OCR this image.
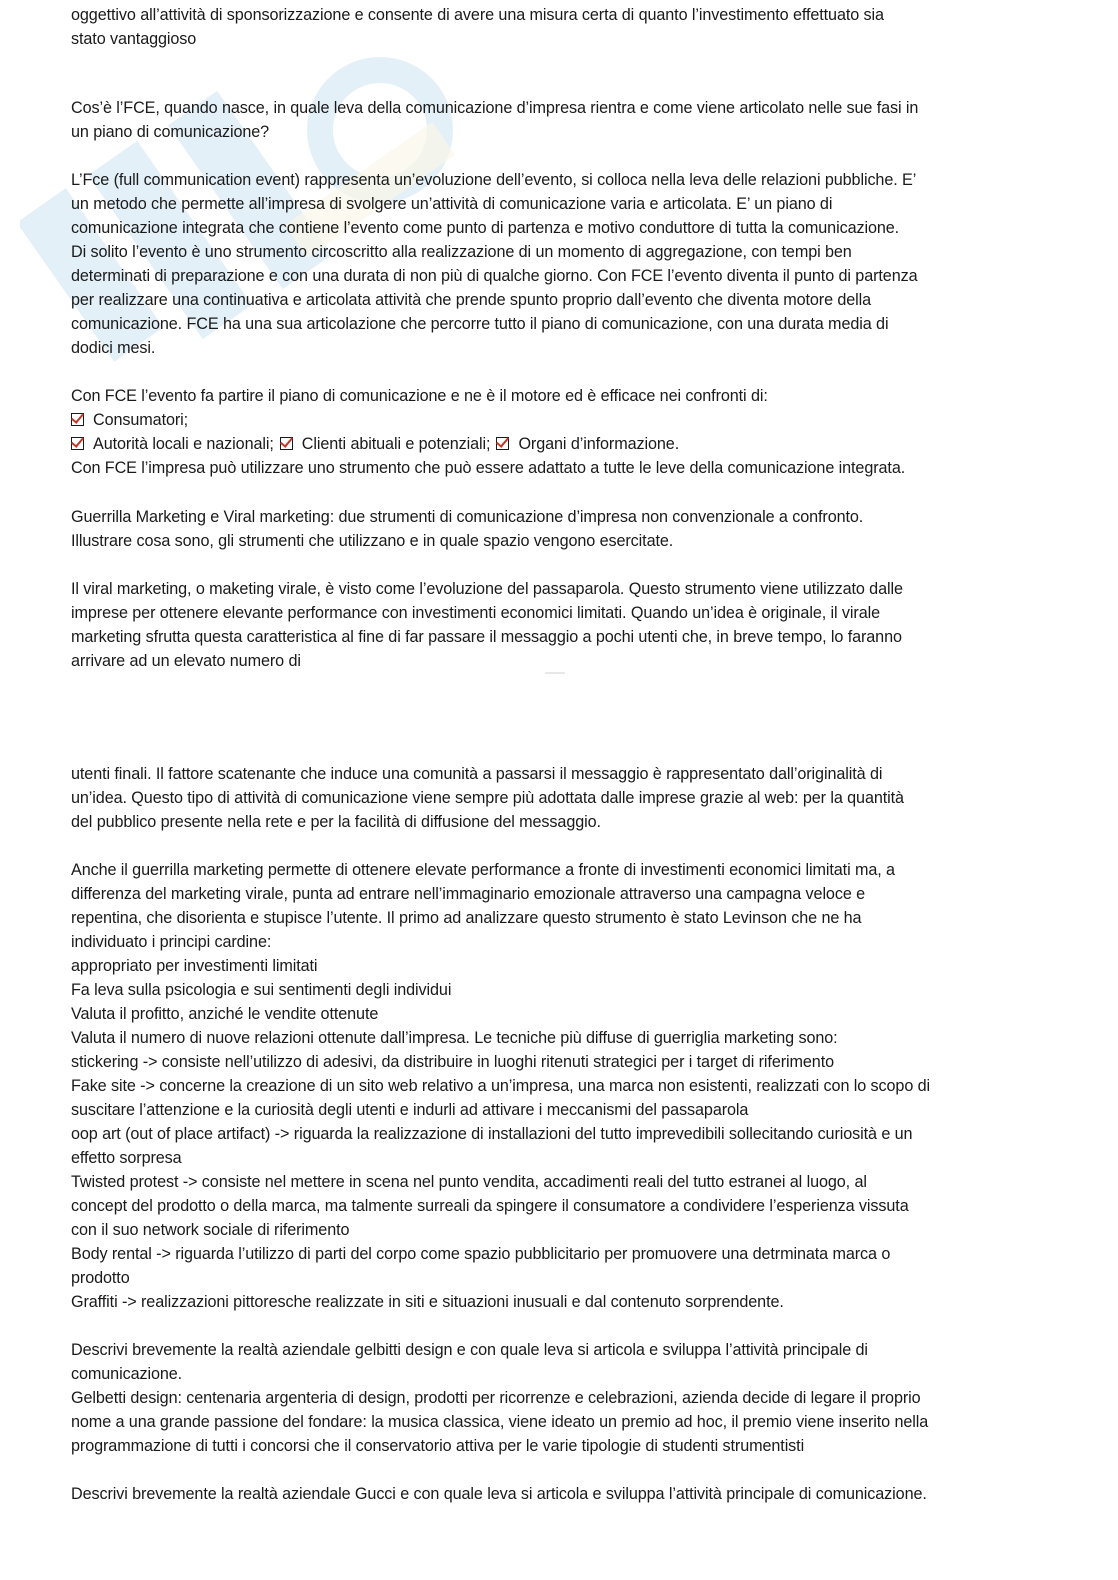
oggettivo all’attività di sponsorizzazione e consente di avere una misura certa di quanto l’investimento effettuato sia
stato vantaggioso
Cos’è l’FCE, quando nasce, in quale leva della comunicazione d’impresa rientra e come viene articolato nelle sue fasi in
un piano di comunicazione?
L’Fce (full communication event) rappresenta un’evoluzione dell’evento, si colloca nella leva delle relazioni pubbliche. E’
un metodo che permette all’impresa di svolgere un’attività di comunicazione varia e articolata. E’ un piano di
comunicazione integrata che contiene l’evento come punto di partenza e motivo conduttore di tutta la comunicazione.
Di solito l’evento è uno strumento circoscritto alla realizzazione di un momento di aggregazione, con tempi ben
determinati di preparazione e con una durata di non più di qualche giorno. Con FCE l’evento diventa il punto di partenza
per realizzare una continuativa e articolata attività che prende spunto proprio dall’evento che diventa motore della
comunicazione. FCE ha una sua articolazione che percorre tutto il piano di comunicazione, con una durata media di
dodici mesi.
Con FCE l’evento fa partire il piano di comunicazione e ne è il motore ed è efficace nei confronti di:
Consumatori;
Autorità locali e nazionali; Clienti abituali e potenziali; Organi d’informazione.
Con FCE l’impresa può utilizzare uno strumento che può essere adattato a tutte le leve della comunicazione integrata.
Guerrilla Marketing e Viral marketing: due strumenti di comunicazione d’impresa non convenzionale a confronto.
Illustrare cosa sono, gli strumenti che utilizzano e in quale spazio vengono esercitate.
Il viral marketing, o maketing virale, è visto come l’evoluzione del passaparola. Questo strumento viene utilizzato dalle
imprese per ottenere elevante performance con investimenti economici limitati. Quando un’idea è originale, il virale
marketing sfrutta questa caratteristica al fine di far passare il messaggio a pochi utenti che, in breve tempo, lo faranno
arrivare ad un elevato numero di
utenti finali. Il fattore scatenante che induce una comunità a passarsi il messaggio è rappresentato dall’originalità di
un’idea. Questo tipo di attività di comunicazione viene sempre più adottata dalle imprese grazie al web: per la quantità
del pubblico presente nella rete e per la facilità di diffusione del messaggio.
Anche il guerrilla marketing permette di ottenere elevate performance a fronte di investimenti economici limitati ma, a
differenza del marketing virale, punta ad entrare nell’immaginario emozionale attraverso una campagna veloce e
repentina, che disorienta e stupisce l’utente. Il primo ad analizzare questo strumento è stato Levinson che ne ha
individuato i principi cardine:
appropriato per investimenti limitati
Fa leva sulla psicologia e sui sentimenti degli individui
Valuta il profitto, anziché le vendite ottenute
Valuta il numero di nuove relazioni ottenute dall’impresa. Le tecniche più diffuse di guerriglia marketing sono:
stickering -> consiste nell’utilizzo di adesivi, da distribuire in luoghi ritenuti strategici per i target di riferimento
Fake site -> concerne la creazione di un sito web relativo a un’impresa, una marca non esistenti, realizzati con lo scopo di
suscitare l’attenzione e la curiosità degli utenti e indurli ad attivare i meccanismi del passaparola
oop art (out of place artifact) -> riguarda la realizzazione di installazioni del tutto imprevedibili sollecitando curiosità e un
effetto sorpresa
Twisted protest -> consiste nel mettere in scena nel punto vendita, accadimenti reali del tutto estranei al luogo, al
concept del prodotto o della marca, ma talmente surreali da spingere il consumatore a condividere l’esperienza vissuta
con il suo network sociale di riferimento
Body rental -> riguarda l’utilizzo di parti del corpo come spazio pubblicitario per promuovere una detrminata marca o
prodotto
Graffiti -> realizzazioni pittoresche realizzate in siti e situazioni inusuali e dal contenuto sorprendente.
Descrivi brevemente la realtà aziendale gelbitti design e con quale leva si articola e sviluppa l’attività principale di
comunicazione.
Gelbetti design: centenaria argenteria di design, prodotti per ricorrenze e celebrazioni, azienda decide di legare il proprio
nome a una grande passione del fondare: la musica classica, viene ideato un premio ad hoc, il premio viene inserito nella
programmazione di tutti i concorsi che il conservatorio attiva per le varie tipologie di studenti strumentisti
Descrivi brevemente la realtà aziendale Gucci e con quale leva si articola e sviluppa l’attività principale di comunicazione.
